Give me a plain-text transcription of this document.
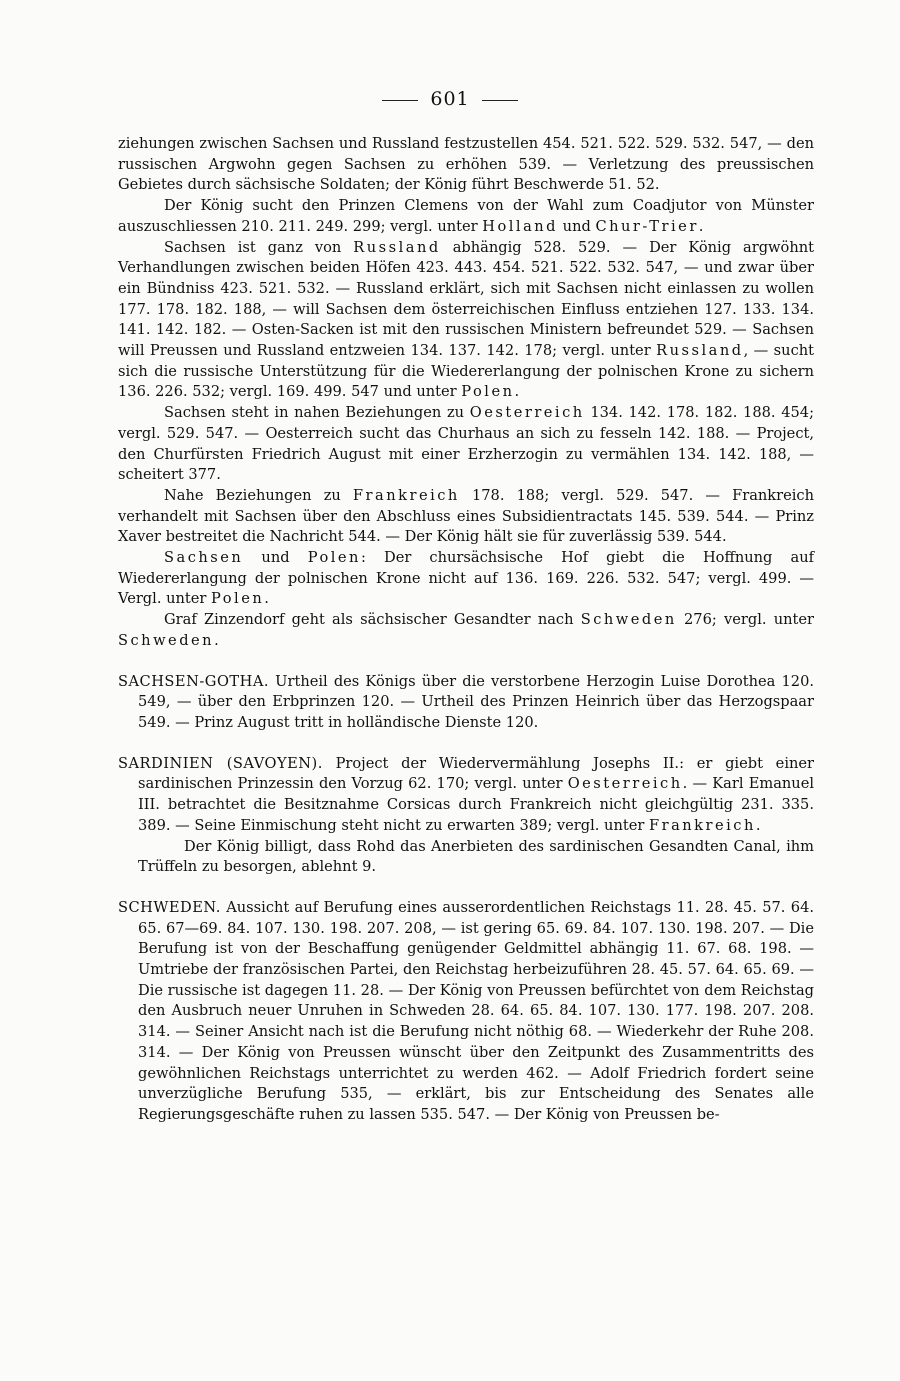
601

ziehungen zwischen Sachsen und Russland festzustellen 454. 521. 522. 529. 532. 547, — den russischen Argwohn gegen Sachsen zu erhöhen 539. — Verletzung des preussischen Gebietes durch sächsische Soldaten; der König führt Beschwerde 51. 52.

Der König sucht den Prinzen Clemens von der Wahl zum Coadjutor von Münster auszuschliessen 210. 211. 249. 299; vergl. unter Holland und Chur-Trier.

Sachsen ist ganz von Russland abhängig 528. 529. — Der König argwöhnt Verhandlungen zwischen beiden Höfen 423. 443. 454. 521. 522. 532. 547, — und zwar über ein Bündniss 423. 521. 532. — Russland erklärt, sich mit Sachsen nicht einlassen zu wollen 177. 178. 182. 188, — will Sachsen dem österreichischen Einfluss entziehen 127. 133. 134. 141. 142. 182. — Osten-Sacken ist mit den russischen Ministern befreundet 529. — Sachsen will Preussen und Russland entzweien 134. 137. 142. 178; vergl. unter Russland, — sucht sich die russische Unterstützung für die Wiedererlangung der polnischen Krone zu sichern 136. 226. 532; vergl. 169. 499. 547 und unter Polen.

Sachsen steht in nahen Beziehungen zu Oesterreich 134. 142. 178. 182. 188. 454; vergl. 529. 547. — Oesterreich sucht das Churhaus an sich zu fesseln 142. 188. — Project, den Churfürsten Friedrich August mit einer Erzherzogin zu vermählen 134. 142. 188, — scheitert 377.

Nahe Beziehungen zu Frankreich 178. 188; vergl. 529. 547. — Frankreich verhandelt mit Sachsen über den Abschluss eines Subsidientractats 145. 539. 544. — Prinz Xaver bestreitet die Nachricht 544. — Der König hält sie für zuverlässig 539. 544.

Sachsen und Polen: Der chursächsische Hof giebt die Hoffnung auf Wiedererlangung der polnischen Krone nicht auf 136. 169. 226. 532. 547; vergl. 499. — Vergl. unter Polen.

Graf Zinzendorf geht als sächsischer Gesandter nach Schweden 276; vergl. unter Schweden.

SACHSEN-GOTHA. Urtheil des Königs über die verstorbene Herzogin Luise Dorothea 120. 549, — über den Erbprinzen 120. — Urtheil des Prinzen Heinrich über das Herzogspaar 549. — Prinz August tritt in holländische Dienste 120.

SARDINIEN (SAVOYEN). Project der Wiedervermählung Josephs II.: er giebt einer sardinischen Prinzessin den Vorzug 62. 170; vergl. unter Oesterreich. — Karl Emanuel III. betrachtet die Besitznahme Corsicas durch Frankreich nicht gleichgültig 231. 335. 389. — Seine Einmischung steht nicht zu erwarten 389; vergl. unter Frankreich.

Der König billigt, dass Rohd das Anerbieten des sardinischen Gesandten Canal, ihm Trüffeln zu besorgen, ablehnt 9.

SCHWEDEN. Aussicht auf Berufung eines ausserordentlichen Reichstags 11. 28. 45. 57. 64. 65. 67—69. 84. 107. 130. 198. 207. 208, — ist gering 65. 69. 84. 107. 130. 198. 207. — Die Berufung ist von der Beschaffung genügender Geldmittel abhängig 11. 67. 68. 198. — Umtriebe der französischen Partei, den Reichstag herbeizuführen 28. 45. 57. 64. 65. 69. — Die russische ist dagegen 11. 28. — Der König von Preussen befürchtet von dem Reichstag den Ausbruch neuer Unruhen in Schweden 28. 64. 65. 84. 107. 130. 177. 198. 207. 208. 314. — Seiner Ansicht nach ist die Berufung nicht nöthig 68. — Wiederkehr der Ruhe 208. 314. — Der König von Preussen wünscht über den Zeitpunkt des Zusammentritts des gewöhnlichen Reichstags unterrichtet zu werden 462. — Adolf Friedrich fordert seine unverzügliche Berufung 535, — erklärt, bis zur Entscheidung des Senates alle Regierungsgeschäfte ruhen zu lassen 535. 547. — Der König von Preussen be-
